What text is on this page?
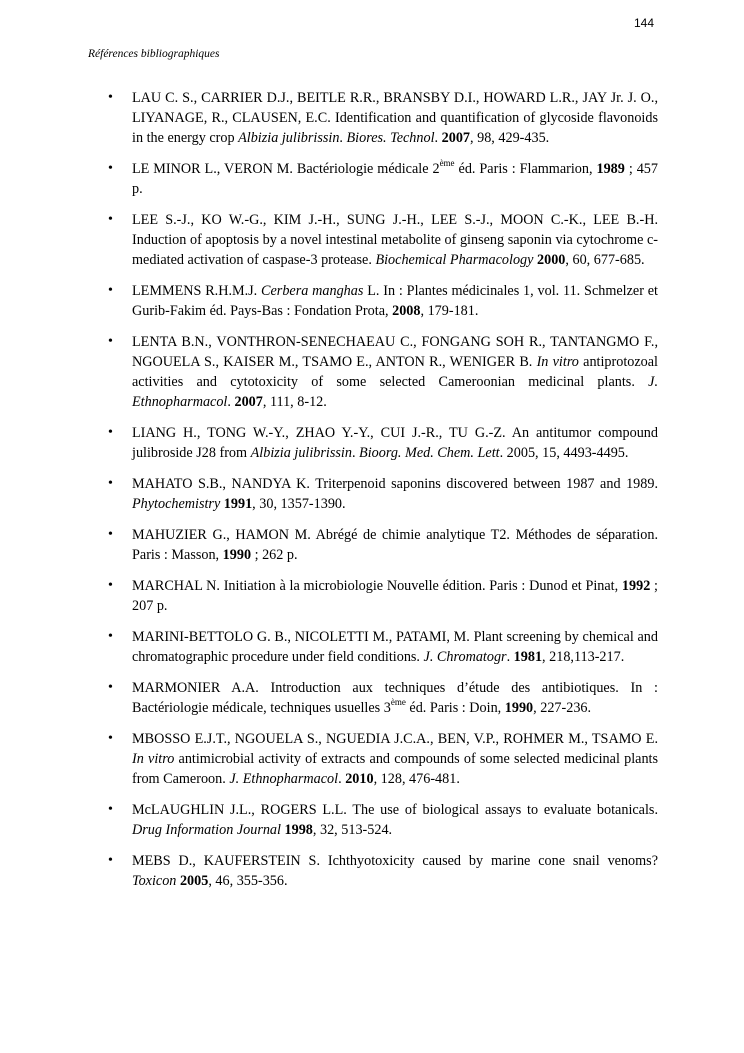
144
Références bibliographiques
• LAU C. S., CARRIER D.J., BEITLE R.R., BRANSBY D.I., HOWARD L.R., JAY Jr. J. O., LIYANAGE, R., CLAUSEN, E.C. Identification and quantification of glycoside flavonoids in the energy crop Albizia julibrissin. Biores. Technol. 2007, 98, 429-435.
• LE MINOR L., VERON M. Bactériologie médicale 2ème éd. Paris : Flammarion, 1989 ; 457 p.
• LEE S.-J., KO W.-G., KIM J.-H., SUNG J.-H., LEE S.-J., MOON C.-K., LEE B.-H. Induction of apoptosis by a novel intestinal metabolite of ginseng saponin via cytochrome c-mediated activation of caspase-3 protease. Biochemical Pharmacology 2000, 60, 677-685.
• LEMMENS R.H.M.J. Cerbera manghas L. In : Plantes médicinales 1, vol. 11. Schmelzer et Gurib-Fakim éd. Pays-Bas : Fondation Prota, 2008, 179-181.
• LENTA B.N., VONTHRON-SENECHAEAU C., FONGANG SOH R., TANTANGMO F., NGOUELA S., KAISER M., TSAMO E., ANTON R., WENIGER B. In vitro antiprotozoal activities and cytotoxicity of some selected Cameroonian medicinal plants. J. Ethnopharmacol. 2007, 111, 8-12.
• LIANG H., TONG W.-Y., ZHAO Y.-Y., CUI J.-R., TU G.-Z. An antitumor compound julibroside J28 from Albizia julibrissin. Bioorg. Med. Chem. Lett. 2005, 15, 4493-4495.
• MAHATO S.B., NANDYA K. Triterpenoid saponins discovered between 1987 and 1989. Phytochemistry 1991, 30, 1357-1390.
• MAHUZIER G., HAMON M. Abrégé de chimie analytique T2. Méthodes de séparation. Paris : Masson, 1990 ; 262 p.
• MARCHAL N. Initiation à la microbiologie Nouvelle édition. Paris : Dunod et Pinat, 1992 ; 207 p.
• MARINI-BETTOLO G. B., NICOLETTI M., PATAMI, M. Plant screening by chemical and chromatographic procedure under field conditions. J. Chromatogr. 1981, 218,113-217.
• MARMONIER A.A. Introduction aux techniques d’étude des antibiotiques. In : Bactériologie médicale, techniques usuelles 3ème éd. Paris : Doin, 1990, 227-236.
• MBOSSO E.J.T., NGOUELA S., NGUEDIA J.C.A., BEN, V.P., ROHMER M., TSAMO E. In vitro antimicrobial activity of extracts and compounds of some selected medicinal plants from Cameroon. J. Ethnopharmacol. 2010, 128, 476-481.
• McLAUGHLIN J.L., ROGERS L.L. The use of biological assays to evaluate botanicals. Drug Information Journal 1998, 32, 513-524.
• MEBS D., KAUFERSTEIN S. Ichthyotoxicity caused by marine cone snail venoms? Toxicon 2005, 46, 355-356.
